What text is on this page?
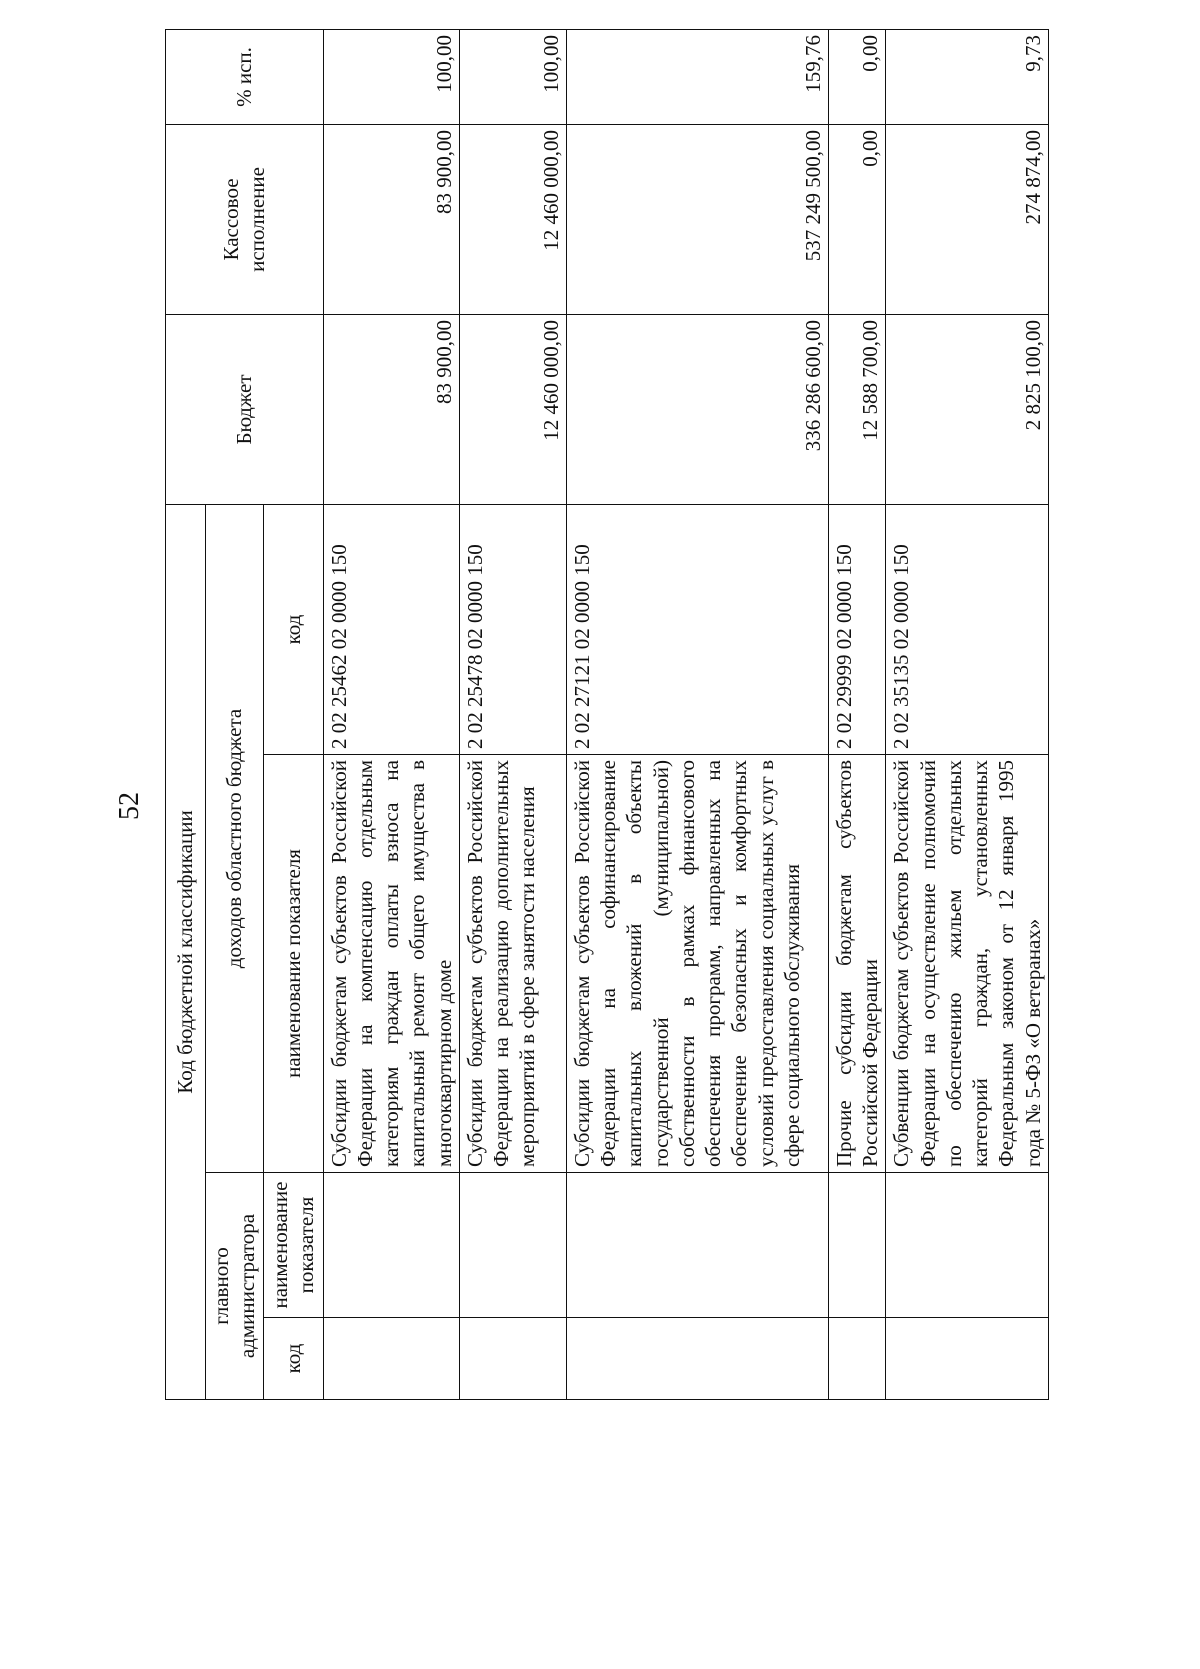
52
Код бюджетной классификации				Бюджет	Кассовое исполнение	% исп.
главного администратора		доходов областного бюджета				
код	наименование показателя	наименование показателя	код			
		Субсидии бюджетам субъектов Российской Федерации на компенсацию отдельным категориям граждан оплаты взноса на капитальный ремонт общего имущества в многоквартирном доме	2 02 25462 02 0000 150	83 900,00	83 900,00	100,00
		Субсидии бюджетам субъектов Российской Федерации на реализацию дополнительных мероприятий в сфере занятости населения	2 02 25478 02 0000 150	12 460 000,00	12 460 000,00	100,00
		Субсидии бюджетам субъектов Российской Федерации на софинансирование капитальных вложений в объекты государственной (муниципальной) собственности в рамках финансового обеспечения программ, направленных на обеспечение безопасных и комфортных условий предоставления социальных услуг в сфере социального обслуживания	2 02 27121 02 0000 150	336 286 600,00	537 249 500,00	159,76
		Прочие субсидии бюджетам субъектов Российской Федерации	2 02 29999 02 0000 150	12 588 700,00	0,00	0,00
		Субвенции бюджетам субъектов Российской Федерации на осуществление полномочий по обеспечению жильем отдельных категорий граждан, установленных Федеральным законом от 12 января 1995 года № 5-ФЗ «О ветеранах»	2 02 35135 02 0000 150	2 825 100,00	274 874,00	9,73
